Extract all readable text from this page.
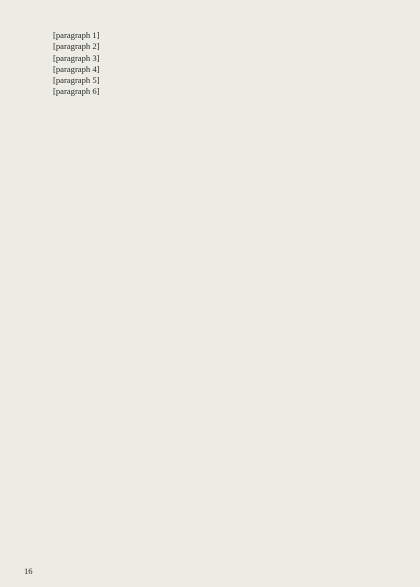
[paragraph 1]

[paragraph 2]

[paragraph 3]

[paragraph 4]

[paragraph 5]

[paragraph 6]

16
